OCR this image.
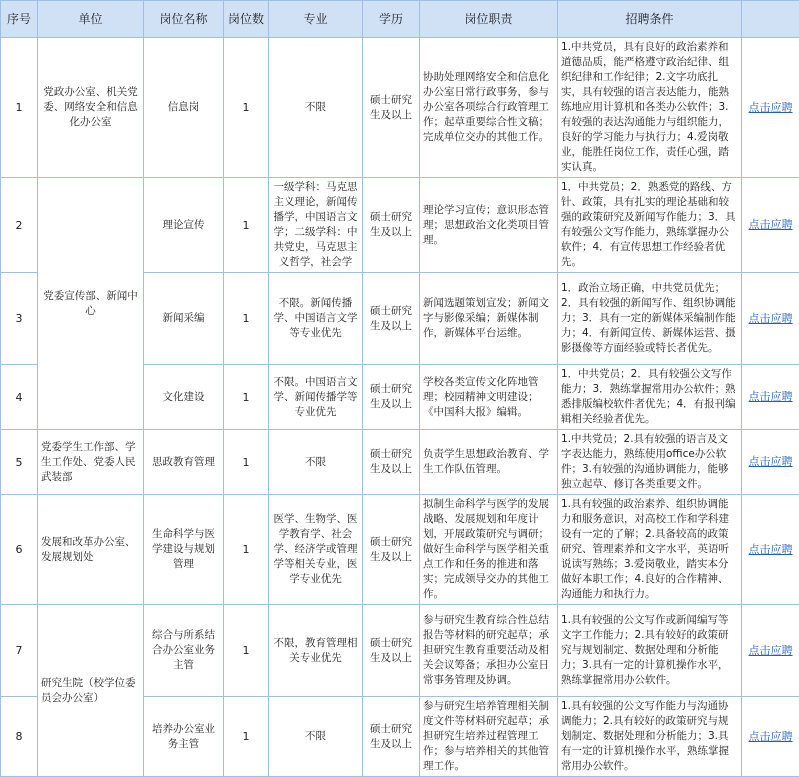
序号	单位	岗位名称	岗位数	专业	学历	岗位职责	招聘条件	
1	党政办公室、机关党委、网络安全和信息化办公室	信息岗	1	不限	硕士研究生及以上	协助处理网络安全和信息化办公室日常行政事务，参与办公室各项综合行政管理工作；起草重要综合性文稿；完成单位交办的其他工作。	1.中共党员，具有良好的政治素养和道德品质，能严格遵守政治纪律、组织纪律和工作纪律；2.文字功底扎实，具有较强的语言表达能力，能熟练地应用计算机和各类办公软件；3.有较强的表达沟通能力与组织能力，良好的学习能力与执行力；4.爱岗敬业，能胜任岗位工作，责任心强，踏实认真。	点击应聘
2	党委宣传部、新闻中心	理论宣传	1	一级学科：马克思主义理论，新闻传播学，中国语言文学；二级学科：中共党史，马克思主义哲学，社会学	硕士研究生及以上	理论学习宣传；意识形态管理；思想政治文化类项目管理。	1．中共党员；2．熟悉党的路线、方针、政策，具有扎实的理论基础和较强的政策研究及新闻写作能力；3．具有较强公文写作能力，熟练掌握办公软件；4．有宣传思想工作经验者优先。	点击应聘
3		新闻采编	1	不限。新闻传播学、中国语言文学等专业优先	硕士研究生及以上	新闻选题策划宣发；新闻文字与影像采编；新媒体制作，新媒体平台运维。	1．政治立场正确，中共党员优先；2．具有较强的新闻写作、组织协调能力；3．具有一定的新媒体采编制作能力；4．有新闻宣传、新媒体运营、摄影摄像等方面经验或特长者优先。	点击应聘
4		文化建设	1	不限。中国语言文学、新闻传播学等专业优先	硕士研究生及以上	学校各类宣传文化阵地管理；校园精神文明建设；《中国科大报》编辑。	1．中共党员；2．具有较强公文写作能力；3．熟练掌握常用办公软件；熟悉排版编校软件者优先；4．有报刊编辑相关经验者优先。	点击应聘
5	党委学生工作部、学生工作处、党委人民武装部	思政教育管理	1	不限	硕士研究生及以上	负责学生思想政治教育、学生工作队伍管理。	1.中共党员；2.具有较强的语言及文字表达能力，熟练使用office办公软件；3.有较强的沟通协调能力，能够独立起草、修订各类重要文件。	点击应聘
6	发展和改革办公室、发展规划处	生命科学与医学建设与规划管理	1	医学、生物学、医学教育学、社会学、经济学或管理学等相关专业，医学专业优先	硕士研究生及以上	拟制生命科学与医学的发展战略、发展规划和年度计划，开展政策研究与调研；做好生命科学与医学相关重点工作和任务的推进和落实；完成领导交办的其他工作。	1.具有较强的政治素养、组织协调能力和服务意识，对高校工作和学科建设有一定的了解；2.具备较高的政策研究、管理素养和文字水平，英语听说读写熟练；3.爱岗敬业，踏实本分做好本职工作；4.良好的合作精神、沟通能力和执行力。	点击应聘
7	研究生院（校学位委员会办公室）	综合与所系结合办公室业务主管	1	不限，教育管理相关专业优先	硕士研究生及以上	参与研究生教育综合性总结报告等材料的研究起草；承担研究生教育重要活动及相关会议筹备；承担办公室日常事务管理及协调。	1.具有较强的公文写作或新闻编写等文字工作能力；2.具有较好的政策研究与规划制定、数据处理和分析能力；3.具有一定的计算机操作水平，熟练掌握常用办公软件。	点击应聘
8		培养办公室业务主管	1	不限	硕士研究生及以上	参与研究生培养管理相关制度文件等材料研究起草；承担研究生培养过程管理工作；参与培养相关的其他管理工作。	1.具有较强的公文写作能力与沟通协调能力；2.具有较好的政策研究与规划制定、数据处理和分析能力；3.具有一定的计算机操作水平，熟练掌握常用办公软件。	点击应聘
